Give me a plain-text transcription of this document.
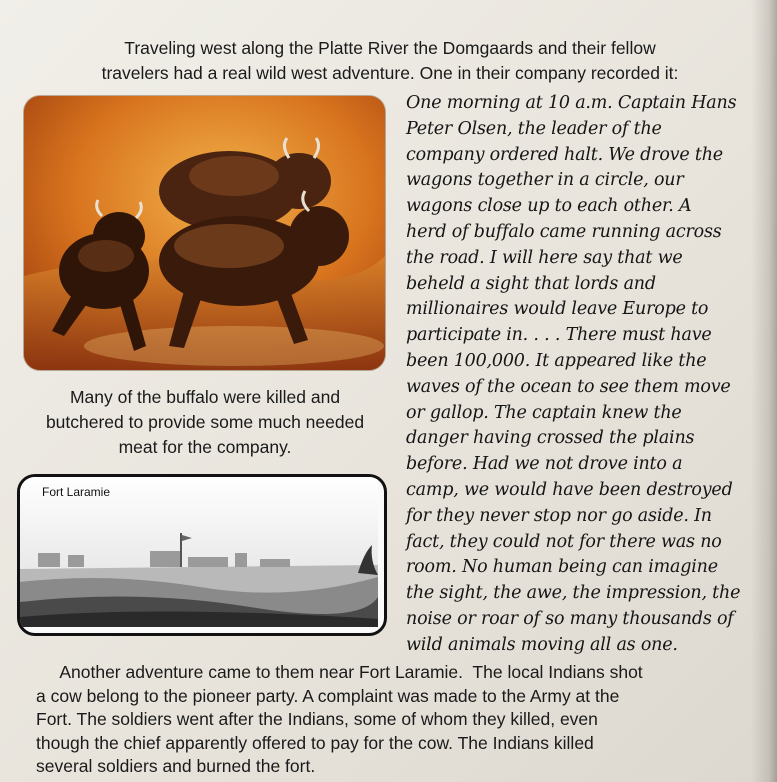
Traveling west along the Platte River the Domgaards and their fellow

travelers had a real wild west adventure. One in their company recorded it:

Many of the buffalo were killed and
butchered to provide some much needed
meat for the company.
Fort Laramie
One morning at 10 a.m. Captain Hans
Peter Olsen, the leader of the
company ordered halt. We drove the
wagons together in a circle, our
wagons close up to each other. A
herd of buffalo came running across
the road. I will here say that we
beheld a sight that lords and
millionaires would leave Europe to
participate in. . . . There must have
been 100,000. It appeared like the
waves of the ocean to see them move
or gallop. The captain knew the
danger having crossed the plains
before. Had we not drove into a
camp, we would have been destroyed
for they never stop nor go aside. In
fact, they could not for there was no
room. No human being can imagine
the sight, the awe, the impression, the
noise or roar of so many thousands of
wild animals moving all as one.
Another adventure came to them near Fort Laramie.  The local Indians shot
a cow belong to the pioneer party. A complaint was made to the Army at the
Fort. The soldiers went after the Indians, some of whom they killed, even
though the chief apparently offered to pay for the cow. The Indians killed
several soldiers and burned the fort.
